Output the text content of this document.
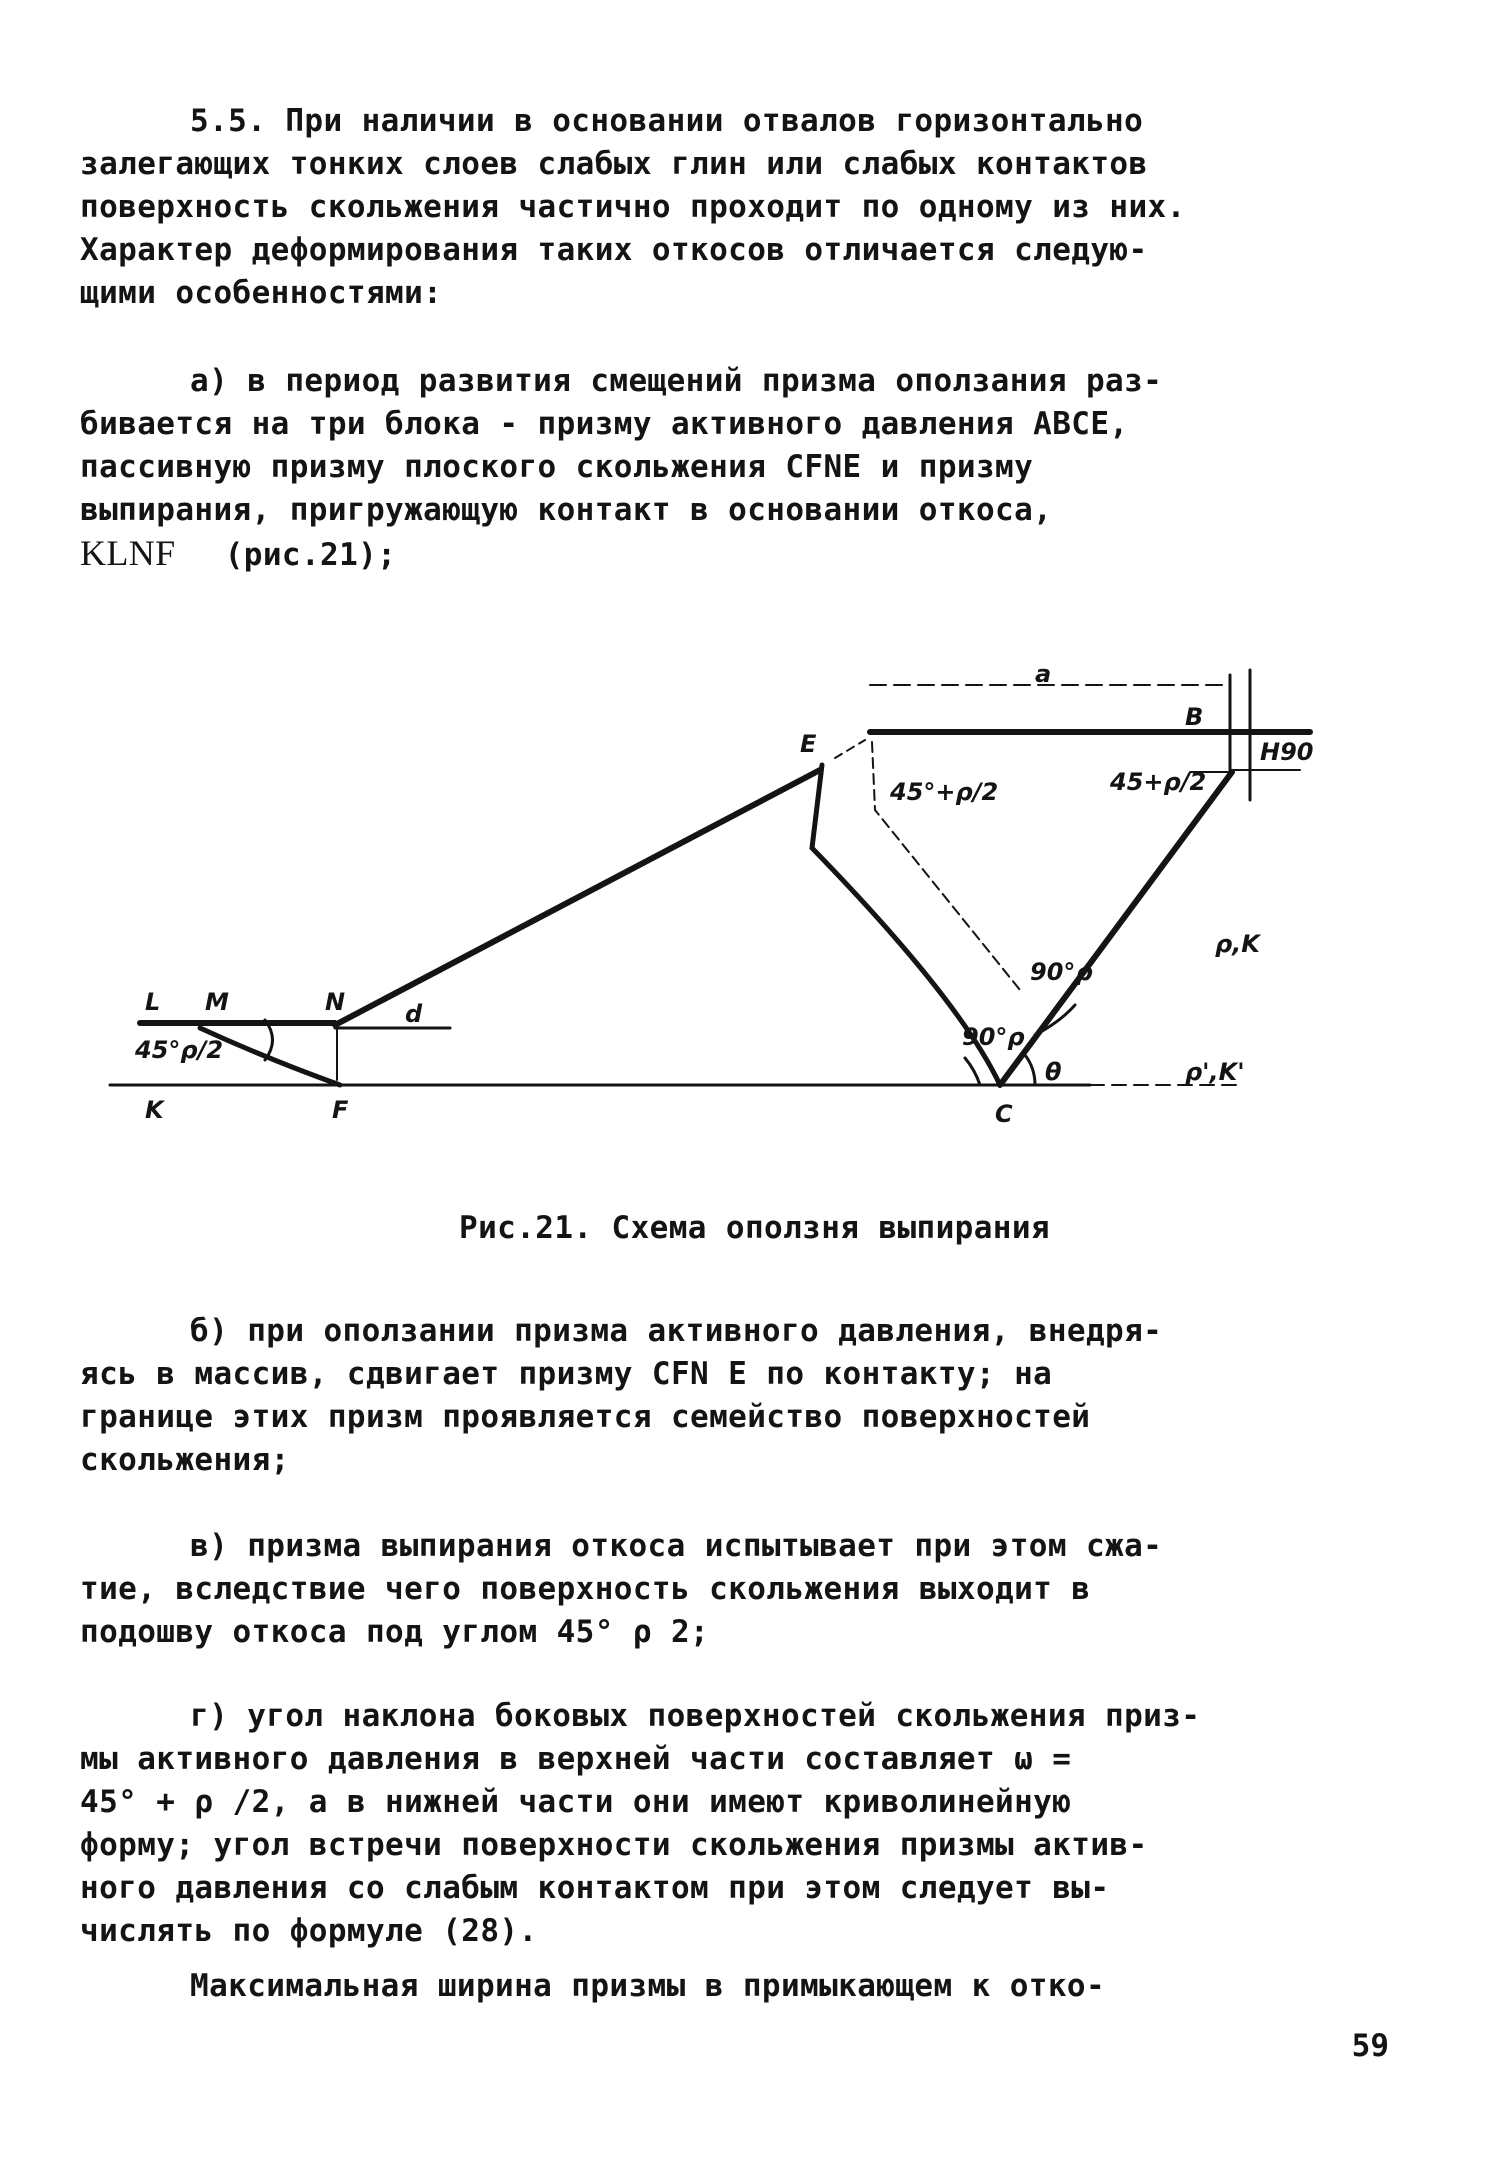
5.5. При наличии в основании отвалов горизонтально
залегающих тонких слоев слабых глин или слабых контактов
поверхность скольжения частично проходит по одному из них.
Характер деформирования таких откосов отличается следую-
щими особенностями:
а) в период развития смещений призма оползания раз-
бивается на три блока - призму активного давления ABCE,
пассивную призму плоского скольжения CFNE и призму
выпирания, пригружающую контакт в основании откоса,
KLNF (рис.21);
a
B
H90
E
45°+ρ/2	45+ρ/2
ρ,K
90°ρ
90°ρ
θ	ρ',K'
L M	N d
45°ρ/2
K	F	C
Рис.21. Схема оползня выпирания
б) при оползании призма активного давления, внедря-
ясь в массив, сдвигает призму CFN E по контакту; на
границе этих призм проявляется семейство поверхностей
скольжения;
в) призма выпирания откоса испытывает при этом сжа-
тие, вследствие чего поверхность скольжения выходит в
подошву откоса под углом 45° ρ 2;
г) угол наклона боковых поверхностей скольжения приз-
мы активного давления в верхней части составляет ω =
45° + ρ /2, а в нижней части они имеют криволинейную
форму; угол встречи поверхности скольжения призмы актив-
ного давления со слабым контактом при этом следует вы-
числять по формуле (28).
Максимальная ширина призмы в примыкающем к отко-
59
